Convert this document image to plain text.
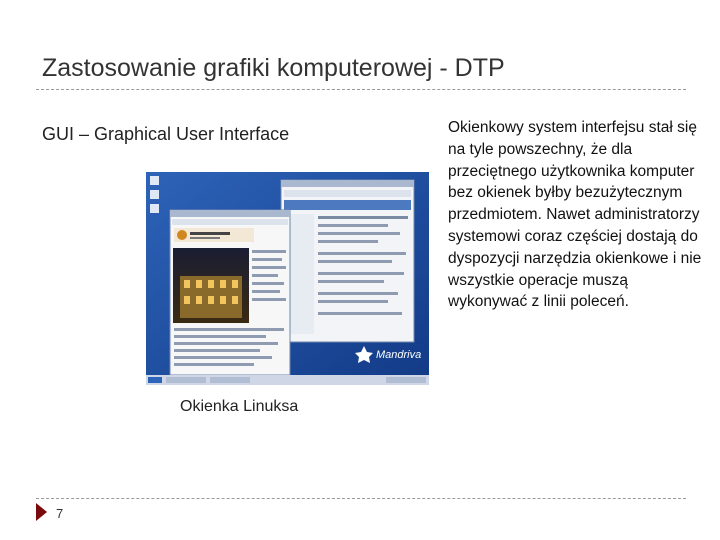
Zastosowanie grafiki komputerowej - DTP
GUI – Graphical User Interface
Mandriva
Okienka Linuksa
Okienkowy system interfejsu stał się na tyle powszechny, że dla przeciętnego użytkownika komputer bez okienek byłby bezużytecznym przedmiotem. Nawet administratorzy systemowi coraz częściej dostają do dyspozycji narzędzia okienkowe i nie wszystkie operacje muszą wykonywać z linii poleceń.
7
